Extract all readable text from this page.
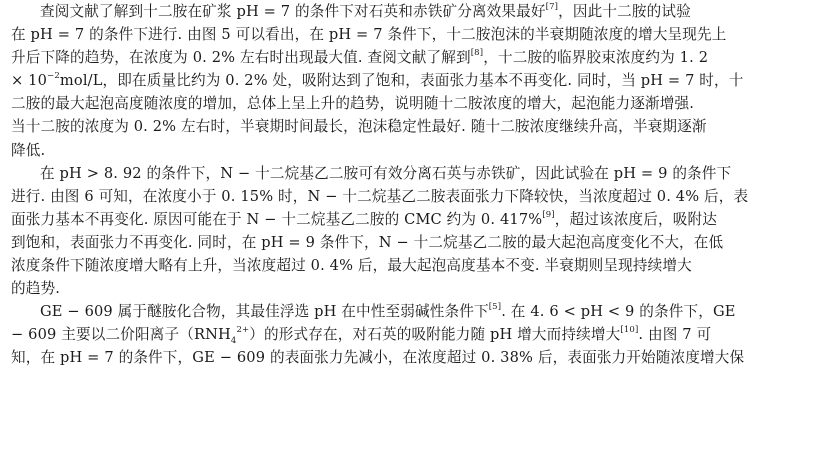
查阅文献了解到十二胺在矿浆 pH = 7 的条件下对石英和赤铁矿分离效果最好[7]，因此十二胺的试验
在 pH = 7 的条件下进行. 由图 5 可以看出，在 pH = 7 条件下，十二胺泡沫的半衰期随浓度的增大呈现先上
升后下降的趋势，在浓度为 0. 2% 左右时出现最大值. 查阅文献了解到[8]，十二胺的临界胶束浓度约为 1. 2
× $10^{-2}mol/L$，即在质量比约为 0. 2% 处，吸附达到了饱和，表面张力基本不再变化. 同时，当 pH = 7 时，十
二胺的最大起泡高度随浓度的增加，总体上呈上升的趋势，说明随十二胺浓度的增大，起泡能力逐渐增强.
当十二胺的浓度为 0. 2% 左右时，半衰期时间最长，泡沫稳定性最好. 随十二胺浓度继续升高，半衰期逐渐
降低.
在 pH > 8. 92 的条件下，N − 十二烷基乙二胺可有效分离石英与赤铁矿，因此试验在 pH = 9 的条件下
进行. 由图 6 可知，在浓度小于 0. 15% 时，N − 十二烷基乙二胺表面张力下降较快，当浓度超过 0. 4% 后，表
面张力基本不再变化. 原因可能在于 N − 十二烷基乙二胺的 CMC 约为 0. 417%[9]，超过该浓度后，吸附达
到饱和，表面张力不再变化. 同时，在 pH = 9 条件下，N − 十二烷基乙二胺的最大起泡高度变化不大，在低
浓度条件下随浓度增大略有上升，当浓度超过 0. 4% 后，最大起泡高度基本不变. 半衰期则呈现持续增大
的趋势.
GE − 609 属于醚胺化合物，其最佳浮选 pH 在中性至弱碱性条件下[5]. 在 4. 6 < pH < 9 的条件下，GE
− 609 主要以二价阳离子$(RNH_4^{2+})$的形式存在，对石英的吸附能力随 pH 增大而持续增大[10]. 由图 7 可
知，在 pH = 7 的条件下，GE − 609 的表面张力先减小，在浓度超过 0. 38% 后，表面张力开始随浓度增大保
